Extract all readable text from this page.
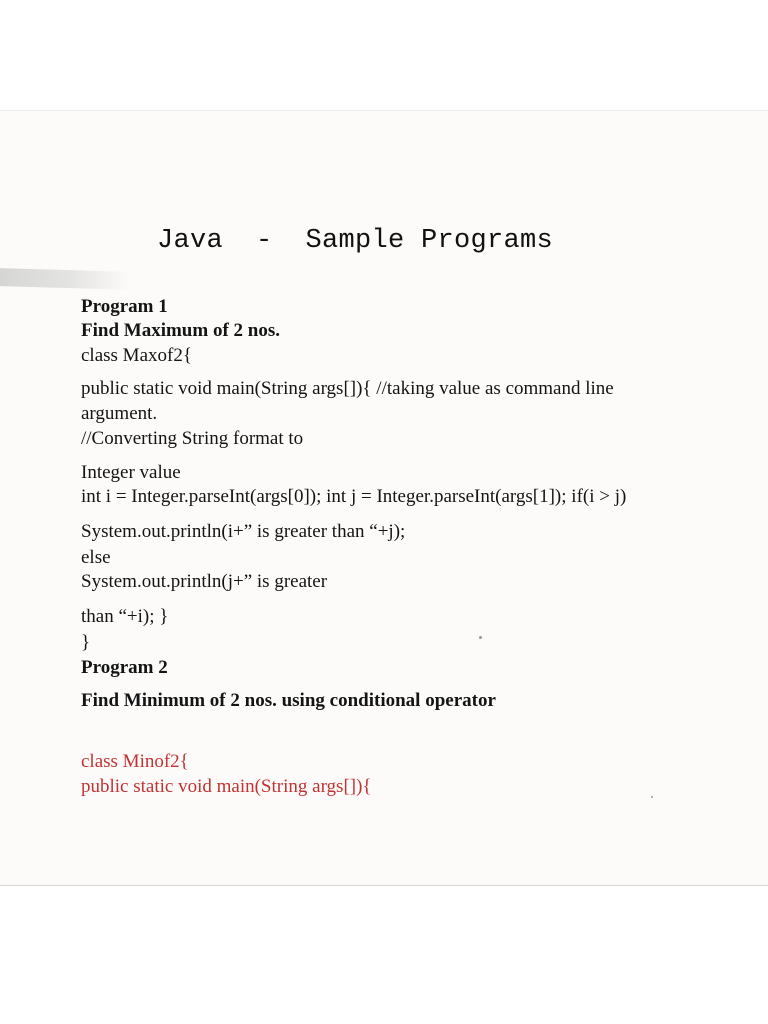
Java  -  Sample Programs

Program 1

Find Maximum of 2 nos.

class Maxof2{

public static void main(String args[]){ //taking value as command line

argument.

//Converting String format to

Integer value

int i = Integer.parseInt(args[0]); int j = Integer.parseInt(args[1]); if(i > j)

System.out.println(i+” is greater than “+j);

else

System.out.println(j+” is greater

than “+i); }

}

Program 2

Find Minimum of 2 nos. using conditional operator

class Minof2{

public static void main(String args[]){
